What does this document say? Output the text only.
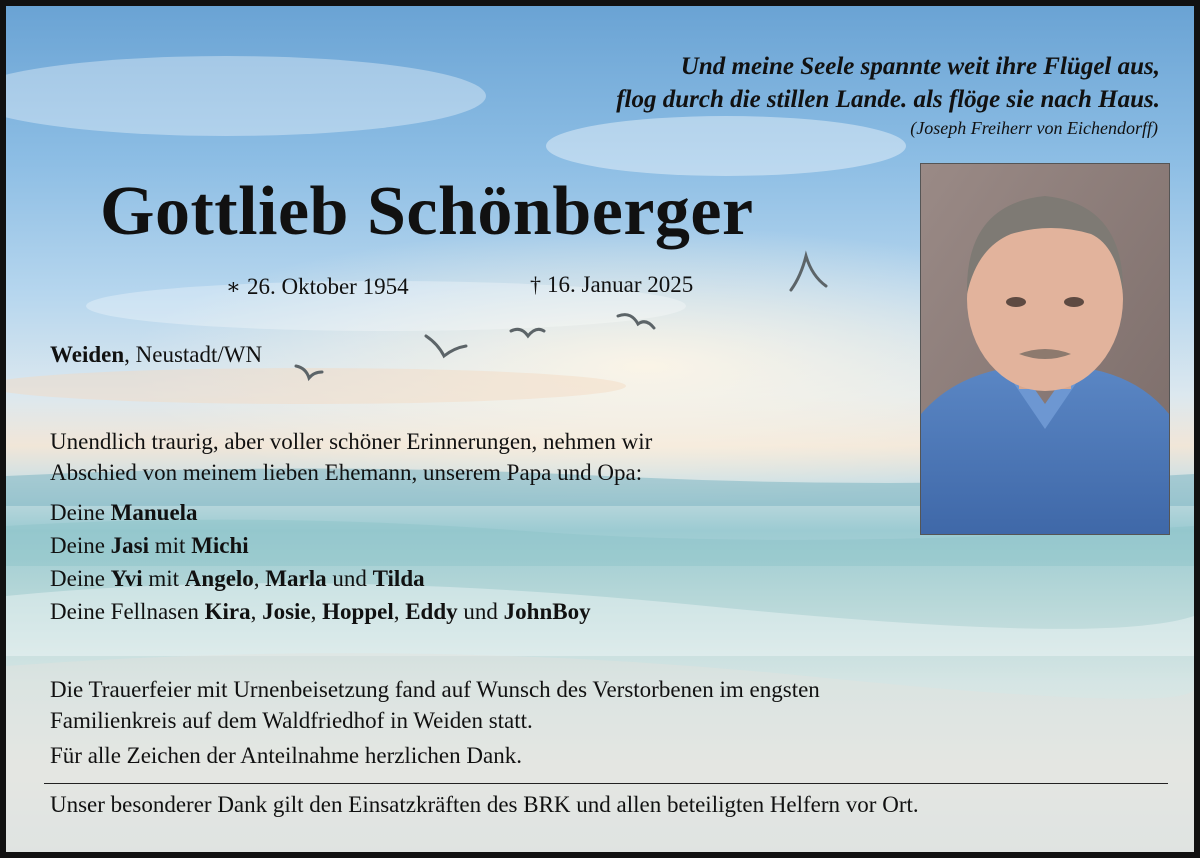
Und meine Seele spannte weit ihre Flügel aus,
flog durch die stillen Lande. als flöge sie nach Haus.
(Joseph Freiherr von Eichendorff)
Gottlieb Schönberger
∗ 26. Oktober 1954	† 16. Januar 2025
Weiden, Neustadt/WN
Unendlich traurig, aber voller schöner Erinnerungen, nehmen wir
Abschied von meinem lieben Ehemann, unserem Papa und Opa:
Deine Manuela
Deine Jasi mit Michi
Deine Yvi mit Angelo, Marla und Tilda
Deine Fellnasen Kira, Josie, Hoppel, Eddy und JohnBoy
Die Trauerfeier mit Urnenbeisetzung fand auf Wunsch des Verstorbenen im engsten
Familienkreis auf dem Waldfriedhof in Weiden statt.
Für alle Zeichen der Anteilnahme herzlichen Dank.
Unser besonderer Dank gilt den Einsatzkräften des BRK und allen beteiligten Helfern vor Ort.
